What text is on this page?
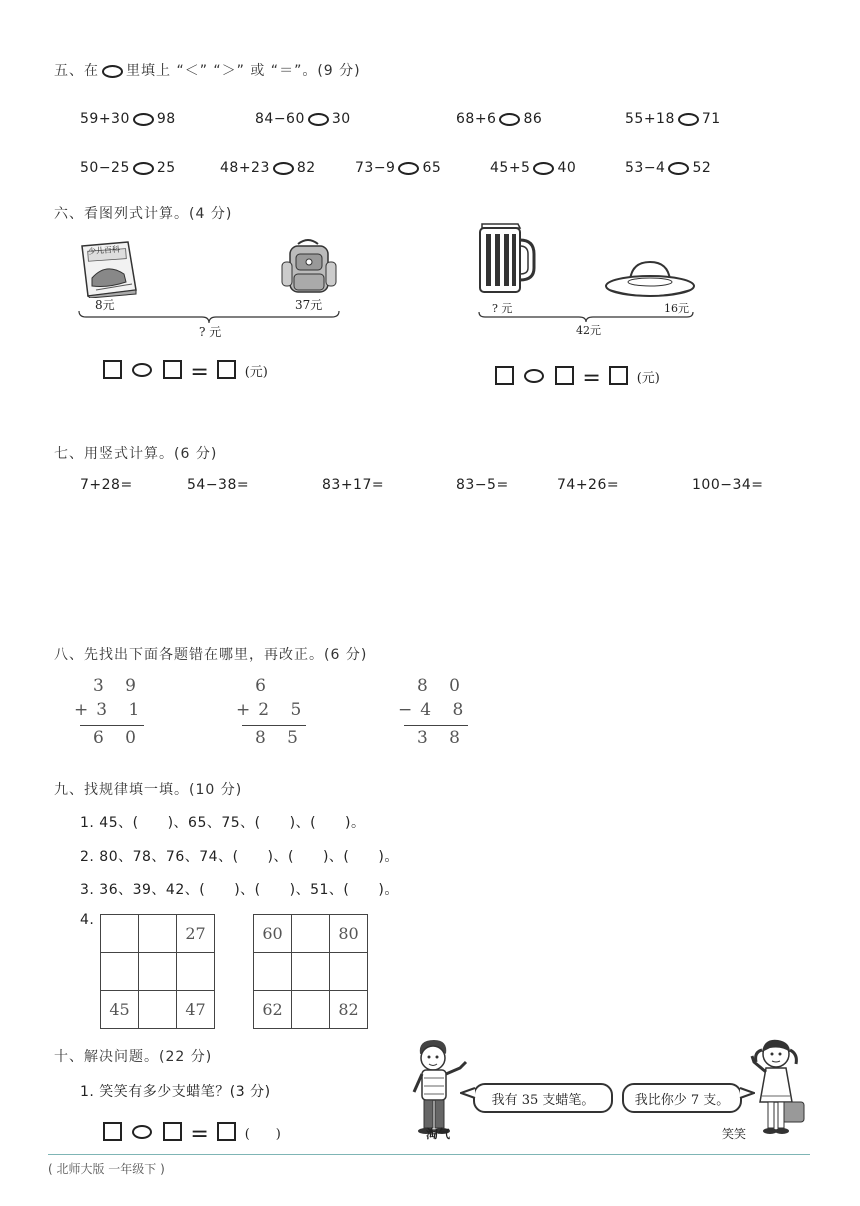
五、在 里填上 “＜” “＞” 或 “＝”。(9 分)
59+30 98	84−60 30	68+6 86	55+18 71
50−25 25	48+23 82	73−9 65	45+5 40	53−4 52
六、看图列式计算。(4 分)
少儿百科
8元	37元
? 元
=	(元)
? 元	16元
42元
=	(元)
七、用竖式计算。(6 分)
7+28=	54−38=	83+17=	83−5=	74+26=	100−34=
八、先找出下面各题错在哪里，再改正。(6 分)
3 9
+3 1
6 0
6
+2 5
8 5
8 0
−4 8
3 8
九、找规律填一填。(10 分)
1. 45、(　　)、65、75、(　　)、(　　)。
2. 80、78、76、74、(　　)、(　　)、(　　)。
3. 36、39、42、(　　)、(　　)、51、(　　)。
4.
		27

45		47
60		80

62		82
十、解决问题。(22 分)
1. 笑笑有多少支蜡笔？(3 分)
=	(　　)	淘气
我有 35 支蜡笔。	我比你少 7 支。
笑笑
( 北师大版 一年级下 )
